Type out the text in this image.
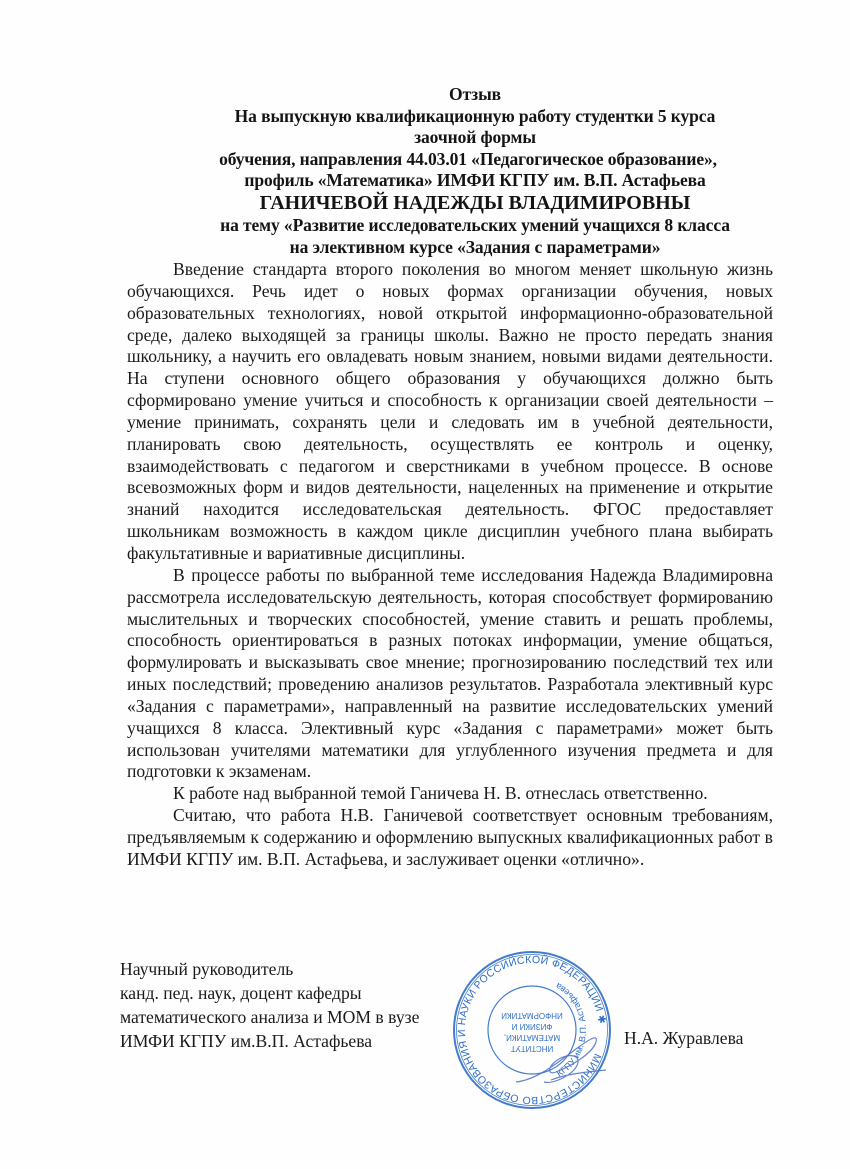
Отзыв
На выпускную квалификационную работу студентки 5 курса
заочной формы
обучения, направления 44.03.01 «Педагогическое образование»,
профиль «Математика» ИМФИ КГПУ им. В.П. Астафьева
ГАНИЧЕВОЙ НАДЕЖДЫ ВЛАДИМИРОВНЫ
на тему «Развитие исследовательских умений учащихся 8 класса
на элективном курсе «Задания с параметрами»

Введение стандарта второго поколения во многом меняет школьную жизнь обучающихся. Речь идет о новых формах организации обучения, новых образовательных технологиях, новой открытой информационно-образовательной среде, далеко выходящей за границы школы. Важно не просто передать знания школьнику, а научить его овладевать новым знанием, новыми видами деятельности. На ступени основного общего образования у обучающихся должно быть сформировано умение учиться и способность к организации своей деятельности – умение принимать, сохранять цели и следовать им в учебной деятельности, планировать свою деятельность, осуществлять ее контроль и оценку, взаимодействовать с педагогом и сверстниками в учебном процессе. В основе всевозможных форм и видов деятельности, нацеленных на применение и открытие знаний находится исследовательская деятельность. ФГОС предоставляет школьникам возможность в каждом цикле дисциплин учебного плана выбирать факультативные и вариативные дисциплины.

В процессе работы по выбранной теме исследования Надежда Владимировна рассмотрела исследовательскую деятельность, которая способствует формированию мыслительных и творческих способностей, умение ставить и решать проблемы, способность ориентироваться в разных потоках информации, умение общаться, формулировать и высказывать свое мнение; прогнозированию последствий тех или иных последствий; проведению анализов результатов. Разработала элективный курс «Задания с параметрами», направленный на развитие исследовательских умений учащихся 8 класса. Элективный курс «Задания с параметрами» может быть использован учителями математики для углубленного изучения предмета и для подготовки к экзаменам.

К работе над выбранной темой Ганичева Н. В. отнеслась ответственно.

Считаю, что работа Н.В. Ганичевой соответствует основным требованиям, предъявляемым к содержанию и оформлению выпускных квалификационных работ в ИМФИ КГПУ им. В.П. Астафьева, и заслуживает оценки «отлично».

Научный руководитель
канд. пед. наук, доцент кафедры
математического анализа и МОМ в вузе
ИМФИ КГПУ им.В.П. Астафьева
МИНИСТЕРСТВО ОБРАЗОВАНИЯ И НАУКИ РОССИЙСКОЙ ФЕДЕРАЦИИ ✱
КГПУ им. В.П. Астафьева
ИНСТИТУТ
МАТЕМАТИКИ,
ФИЗИКИ И
ИНФОРМАТИКИ
Н.А. Журавлева
